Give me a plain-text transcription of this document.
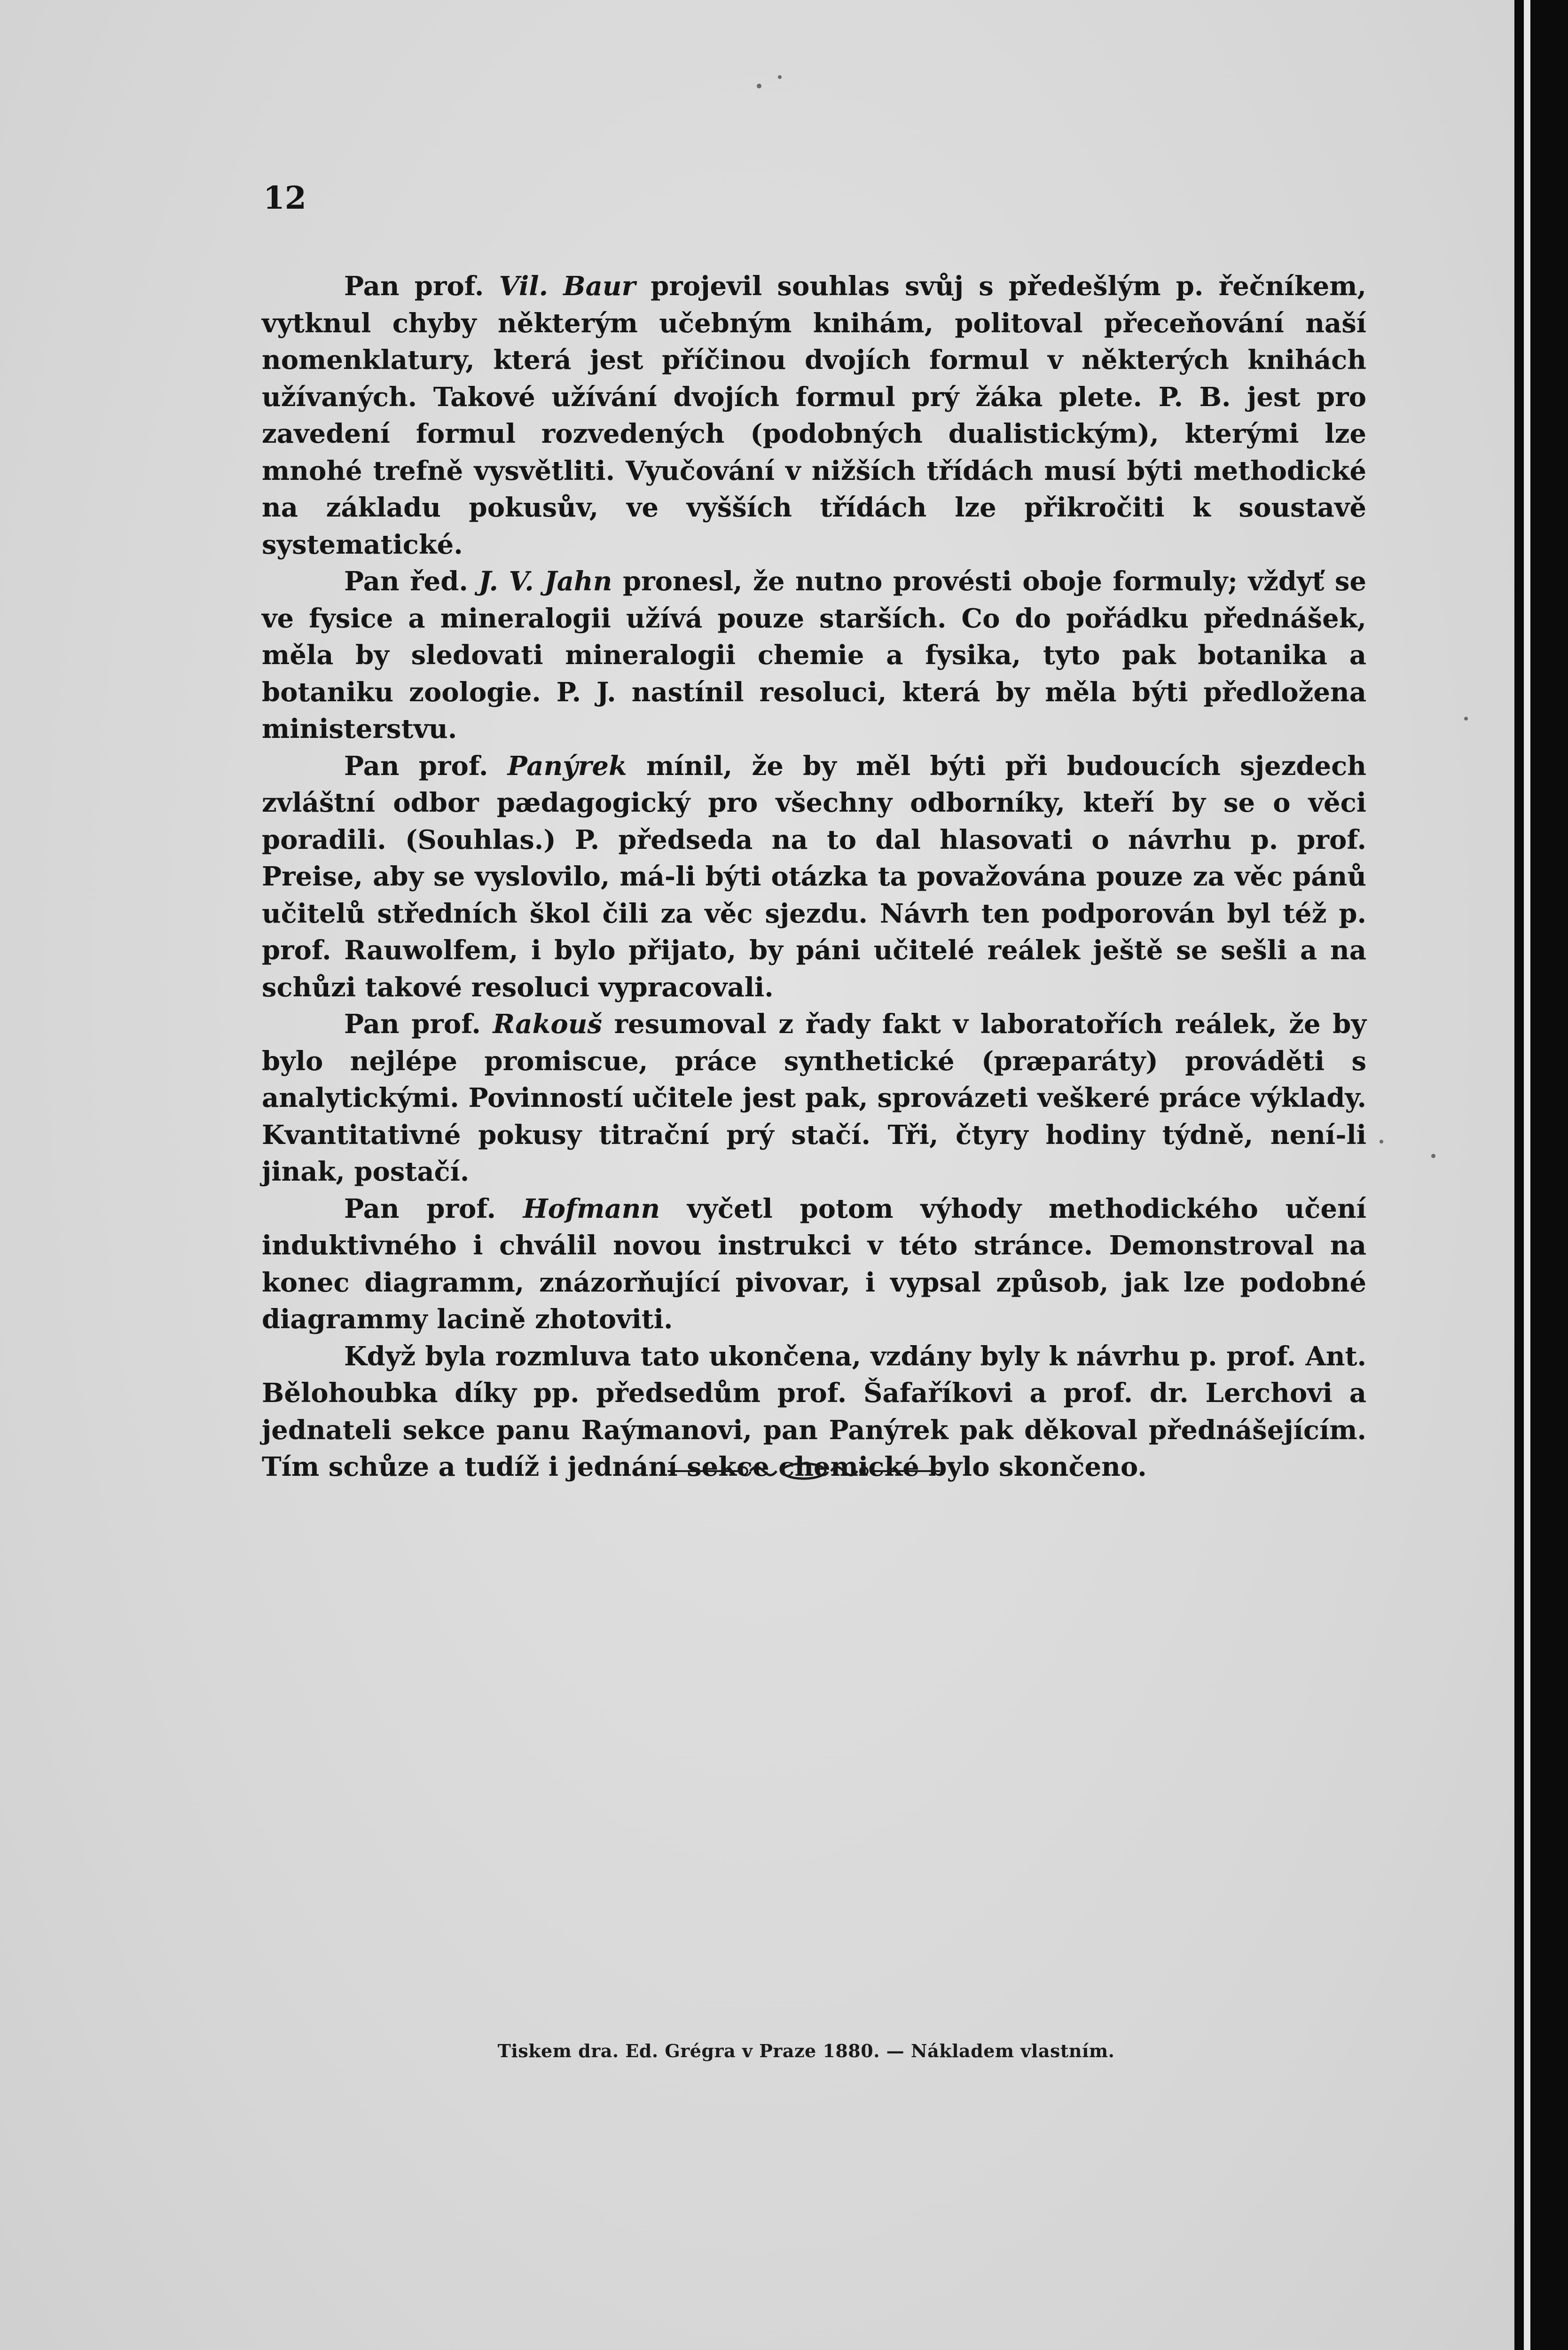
12

Pan prof. Vil. Baur projevil souhlas svůj s předešlým p. řečníkem, vytknul chyby některým učebným knihám, politoval přeceňování naší nomenklatury, která jest příčinou dvojích formul v některých knihách užívaných. Takové užívání dvojích formul prý žáka plete. P. B. jest pro zavedení formul rozvedených (podobných dualistickým), kterými lze mnohé trefně vysvětliti. Vyučování v nižších třídách musí býti methodické na základu pokusův, ve vyšších třídách lze přikročiti k soustavě systematické.

Pan řed. J. V. Jahn pronesl, že nutno provésti oboje formuly; vždyť se ve fysice a mineralogii užívá pouze starších. Co do pořádku přednášek, měla by sledovati mineralogii chemie a fysika, tyto pak botanika a botaniku zoologie. P. J. nastínil resoluci, která by měla býti předložena ministerstvu.

Pan prof. Panýrek mínil, že by měl býti při budoucích sjezdech zvláštní odbor pædagogický pro všechny odborníky, kteří by se o věci poradili. (Souhlas.) P. předseda na to dal hlasovati o návrhu p. prof. Preise, aby se vyslovilo, má-li býti otázka ta považována pouze za věc pánů učitelů středních škol čili za věc sjezdu. Návrh ten podporován byl též p. prof. Rauwolfem, i bylo přijato, by páni učitelé reálek ještě se sešli a na schůzi takové resoluci vypracovali.

Pan prof. Rakouš resumoval z řady fakt v laboratořích reálek, že by bylo nejlépe promiscue, práce synthetické (præparáty) prováděti s analytickými. Povinností učitele jest pak, sprovázeti veškeré práce výklady. Kvantitativné pokusy titrační prý stačí. Tři, čtyry hodiny týdně, není-li jinak, postačí.

Pan prof. Hofmann vyčetl potom výhody methodického učení induktivného i chválil novou instrukci v této stránce. Demonstroval na konec diagramm, znázorňující pivovar, i vypsal způsob, jak lze podobné diagrammy lacině zhotoviti.

Když byla rozmluva tato ukončena, vzdány byly k návrhu p. prof. Ant. Bělohoubka díky pp. předsedům prof. Šafaříkovi a prof. dr. Lerchovi a jednateli sekce panu Raýmanovi, pan Panýrek pak děkoval přednášejícím. Tím schůze a tudíž i jednání sekce chemické bylo skončeno.

Tiskem dra. Ed. Grégra v Praze 1880. — Nákladem vlastním.
